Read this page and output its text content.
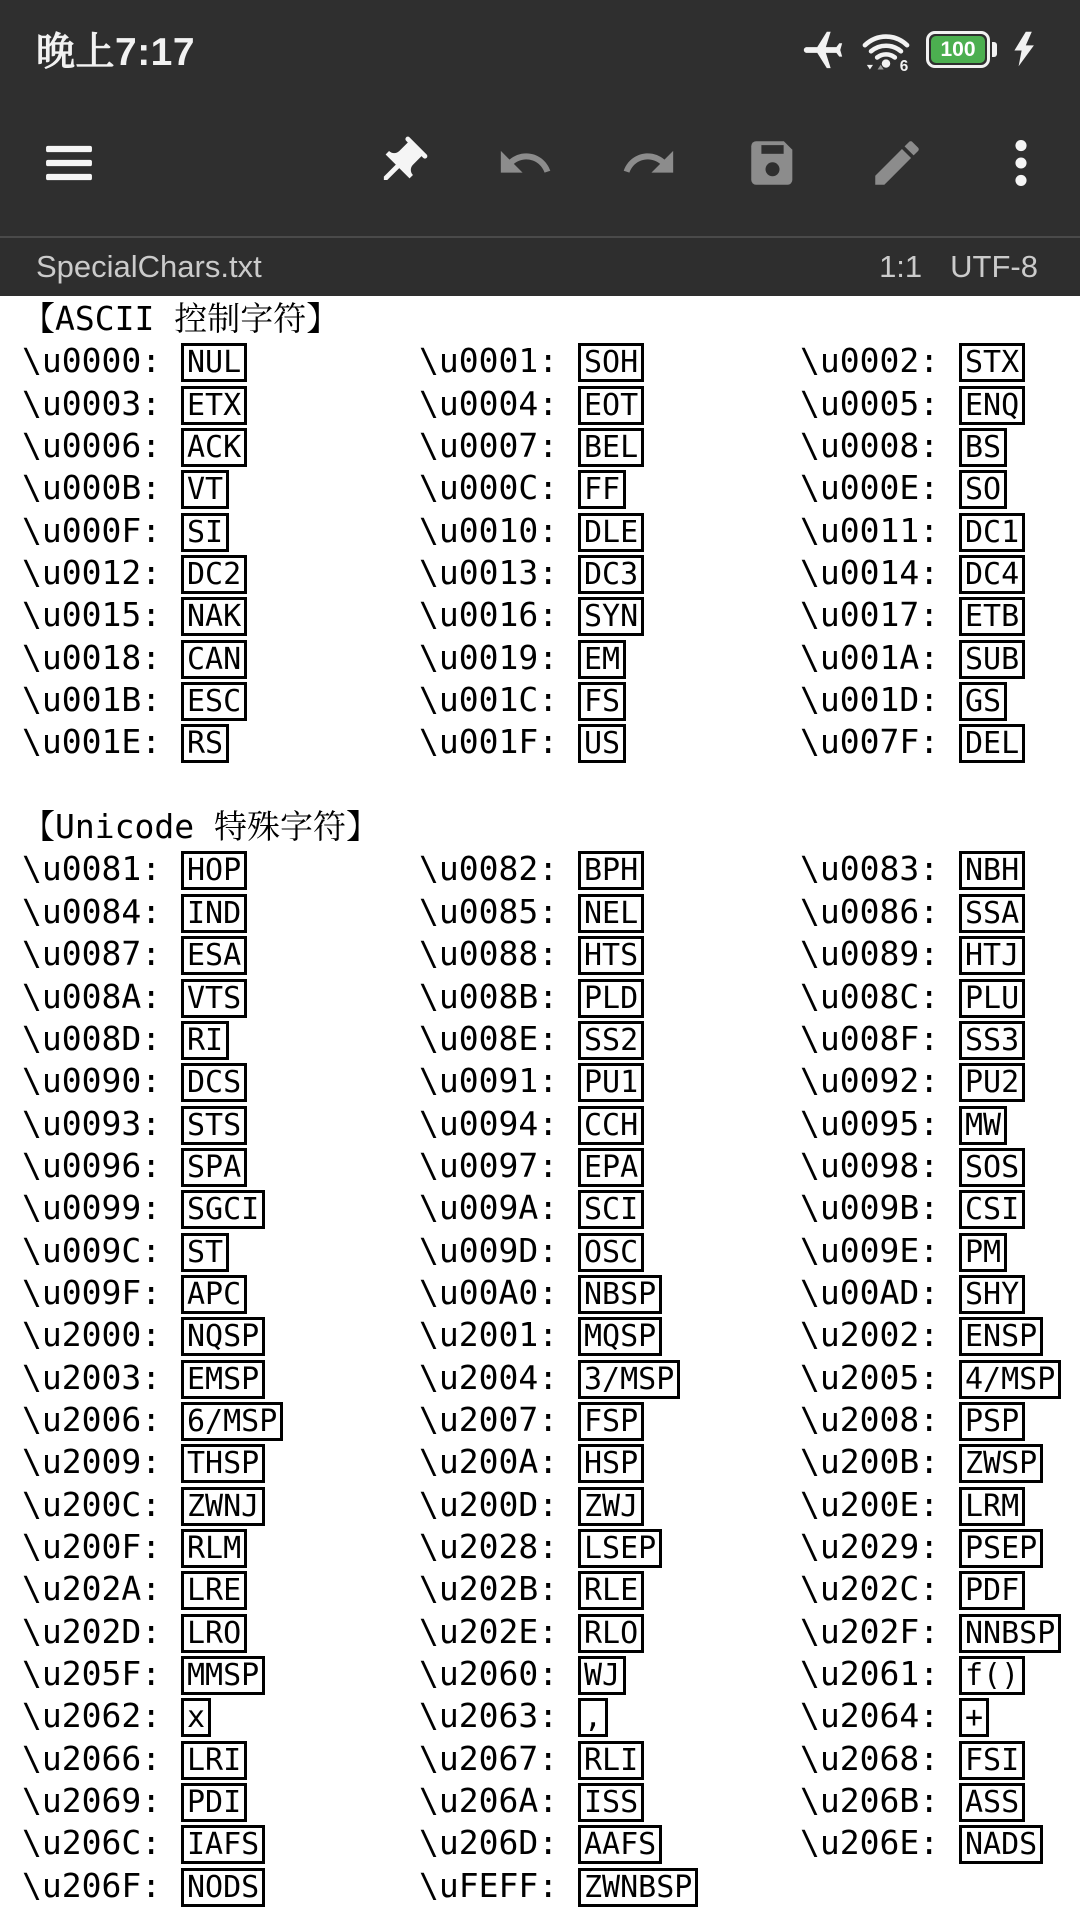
晚上7:17	6
100
SpecialChars.txt	1:1 UTF-8
【ASCII 控制字符】
\u0000: NUL	\u0001: SOH	\u0002: STX
\u0003: ETX	\u0004: EOT	\u0005: ENQ
\u0006: ACK	\u0007: BEL	\u0008: BS
\u000B: VT	\u000C: FF	\u000E: SO
\u000F: SI	\u0010: DLE	\u0011: DC1
\u0012: DC2	\u0013: DC3	\u0014: DC4
\u0015: NAK	\u0016: SYN	\u0017: ETB
\u0018: CAN	\u0019: EM	\u001A: SUB
\u001B: ESC	\u001C: FS	\u001D: GS
\u001E: RS	\u001F: US	\u007F: DEL
【Unicode 特殊字符】
\u0081: HOP	\u0082: BPH	\u0083: NBH
\u0084: IND	\u0085: NEL	\u0086: SSA
\u0087: ESA	\u0088: HTS	\u0089: HTJ
\u008A: VTS	\u008B: PLD	\u008C: PLU
\u008D: RI	\u008E: SS2	\u008F: SS3
\u0090: DCS	\u0091: PU1	\u0092: PU2
\u0093: STS	\u0094: CCH	\u0095: MW
\u0096: SPA	\u0097: EPA	\u0098: SOS
\u0099: SGCI	\u009A: SCI	\u009B: CSI
\u009C: ST	\u009D: OSC	\u009E: PM
\u009F: APC	\u00A0: NBSP	\u00AD: SHY
\u2000: NQSP	\u2001: MQSP	\u2002: ENSP
\u2003: EMSP	\u2004: 3/MSP	\u2005: 4/MSP
\u2006: 6/MSP	\u2007: FSP	\u2008: PSP
\u2009: THSP	\u200A: HSP	\u200B: ZWSP
\u200C: ZWNJ	\u200D: ZWJ	\u200E: LRM
\u200F: RLM	\u2028: LSEP	\u2029: PSEP
\u202A: LRE	\u202B: RLE	\u202C: PDF
\u202D: LRO	\u202E: RLO	\u202F: NNBSP
\u205F: MMSP	\u2060: WJ	\u2061: f()
\u2062: x	\u2063: ,	\u2064: +
\u2066: LRI	\u2067: RLI	\u2068: FSI
\u2069: PDI	\u206A: ISS	\u206B: ASS
\u206C: IAFS	\u206D: AAFS	\u206E: NADS
\u206F: NODS	\uFEFF: ZWNBSP
